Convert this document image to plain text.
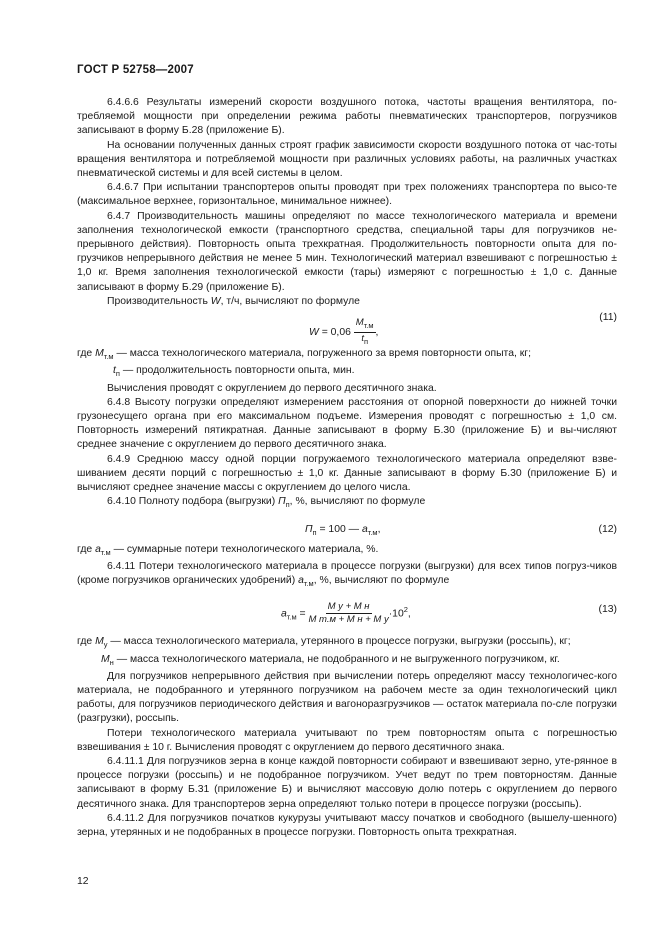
ГОСТ Р 52758—2007

6.4.6.6 Результаты измерений скорости воздушного потока, частоты вращения вентилятора, по-требляемой мощности при определении режима работы пневматических транспортеров, погрузчиков записывают в форму Б.28 (приложение Б).

На основании полученных данных строят график зависимости скорости воздушного потока от час-тоты вращения вентилятора и потребляемой мощности при различных условиях работы, на различных участках пневматической системы и для всей системы в целом.

6.4.6.7 При испытании транспортеров опыты проводят при трех положениях транспортера по высо-те (максимальное верхнее, горизонтальное, минимальное нижнее).

6.4.7 Производительность машины определяют по массе технологического материала и времени заполнения технологической емкости (транспортного средства, специальной тары для погрузчиков не-прерывного действия). Повторность опыта трехкратная. Продолжительность повторности опыта для по-грузчиков непрерывного действия не менее 5 мин. Технологический материал взвешивают с погрешностью ± 1,0 кг. Время заполнения технологической емкости (тары) измеряют с погрешностью ± 1,0 с. Данные записывают в форму Б.29 (приложение Б).

Производительность W, т/ч, вычисляют по формуле

$W = 0,06 \frac{M_{т.м}}{t_п}$ ,
(11)

где $M_{т.м}$ — масса технологического материала, погруженного за время повторности опыта, кг;

$t_п$ — продолжительность повторности опыта, мин.

Вычисления проводят с округлением до первого десятичного знака.

6.4.8 Высоту погрузки определяют измерением расстояния от опорной поверхности до нижней точки грузонесущего органа при его максимальном подъеме. Измерения проводят с погрешностью ± 1,0 см. Повторность измерений пятикратная. Данные записывают в форму Б.30 (приложение Б) и вы-числяют среднее значение с округлением до первого десятичного знака.

6.4.9 Среднюю массу одной порции погружаемого технологического материала определяют взве-шиванием десяти порций с погрешностью ± 1,0 кг. Данные записывают в форму Б.30 (приложение Б) и вычисляют среднее значение массы с округлением до целого числа.

6.4.10 Полноту подбора (выгрузки) $П_п$, %, вычисляют по формуле

$П_п = 100$ — $a_{т.м}$,	(12)

где $a_{т.м}$ — суммарные потери технологического материала, %.

6.4.11 Потери технологического материала в процессе погрузки (выгрузки) для всех типов погруз-чиков (кроме погрузчиков органических удобрений) $a_{т.м}$, %, вычисляют по формуле

$a_{т.м} = \frac{\text{M у + M н}}{\text{M т.м + M н + M у}} \cdot 10^2$,	(13)

где $M_у$ — масса технологического материала, утерянного в процессе погрузки, выгрузки (россыпь), кг;

$M_н$ — масса технологического материала, не подобранного и не выгруженного погрузчиком, кг.

Для погрузчиков непрерывного действия при вычислении потерь определяют массу технологичес-кого материала, не подобранного и утерянного погрузчиком на рабочем месте за один технологический цикл работы, для погрузчиков периодического действия и вагоноразгрузчиков — остаток материала по-сле погрузки (разгрузки), россыпь.

Потери технологического материала учитывают по трем повторностям опыта с погрешностью взвешивания ± 10 г. Вычисления проводят с округлением до первого десятичного знака.

6.4.11.1 Для погрузчиков зерна в конце каждой повторности собирают и взвешивают зерно, уте-рянное в процессе погрузки (россыпь) и не подобранное погрузчиком. Учет ведут по трем повторностям. Данные записывают в форму Б.31 (приложение Б) и вычисляют массовую долю потерь с округлением до первого десятичного знака. Для транспортеров зерна определяют только потери в процессе погрузки (россыпь).

6.4.11.2 Для погрузчиков початков кукурузы учитывают массу початков и свободного (вышелу-шенного) зерна, утерянных и не подобранных в процессе погрузки. Повторность опыта трехкратная.

12
